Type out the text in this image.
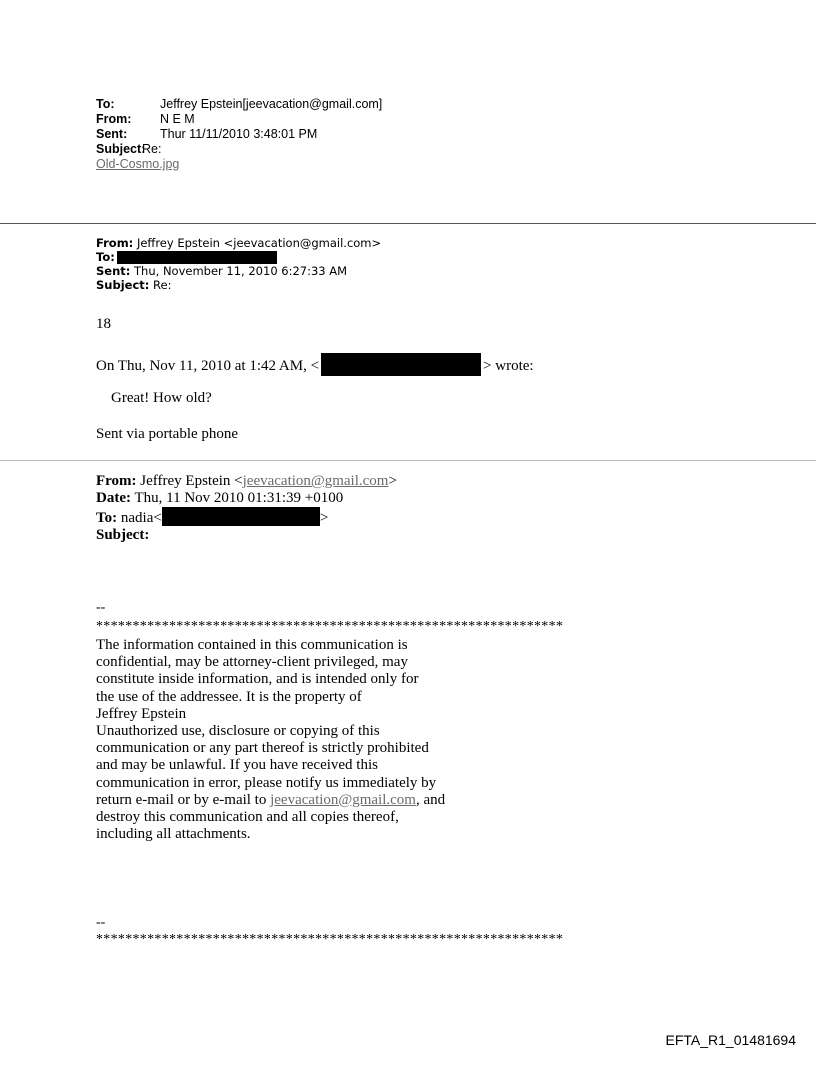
To:	Jeffrey Epstein[jeevacation@gmail.com]
From: N E M
Sent:	Thur 11/11/2010 3:48:01 PM
Subject:Re:
Old-Cosmo.jpg
From: Jeffrey Epstein <jeevacation@gmail.com>
To:
Sent: Thu, November 11, 2010 6:27:33 AM
Subject: Re:
18
On Thu, Nov 11, 2010 at 1:42 AM, <	> wrote:
Great! How old?
Sent via portable phone
From: Jeffrey Epstein <jeevacation@gmail.com>
Date: Thu, 11 Nov 2010 01:31:39 +0100
To: nadia<	>
Subject:
--
****************************************************************
The information contained in this communication is
confidential, may be attorney-client privileged, may
constitute inside information, and is intended only for
the use of the addressee. It is the property of
Jeffrey Epstein
Unauthorized use, disclosure or copying of this
communication or any part thereof is strictly prohibited
and may be unlawful. If you have received this
communication in error, please notify us immediately by
return e-mail or by e-mail to jeevacation@gmail.com, and
destroy this communication and all copies thereof,
including all attachments.
--
****************************************************************
EFTA_R1_01481694
